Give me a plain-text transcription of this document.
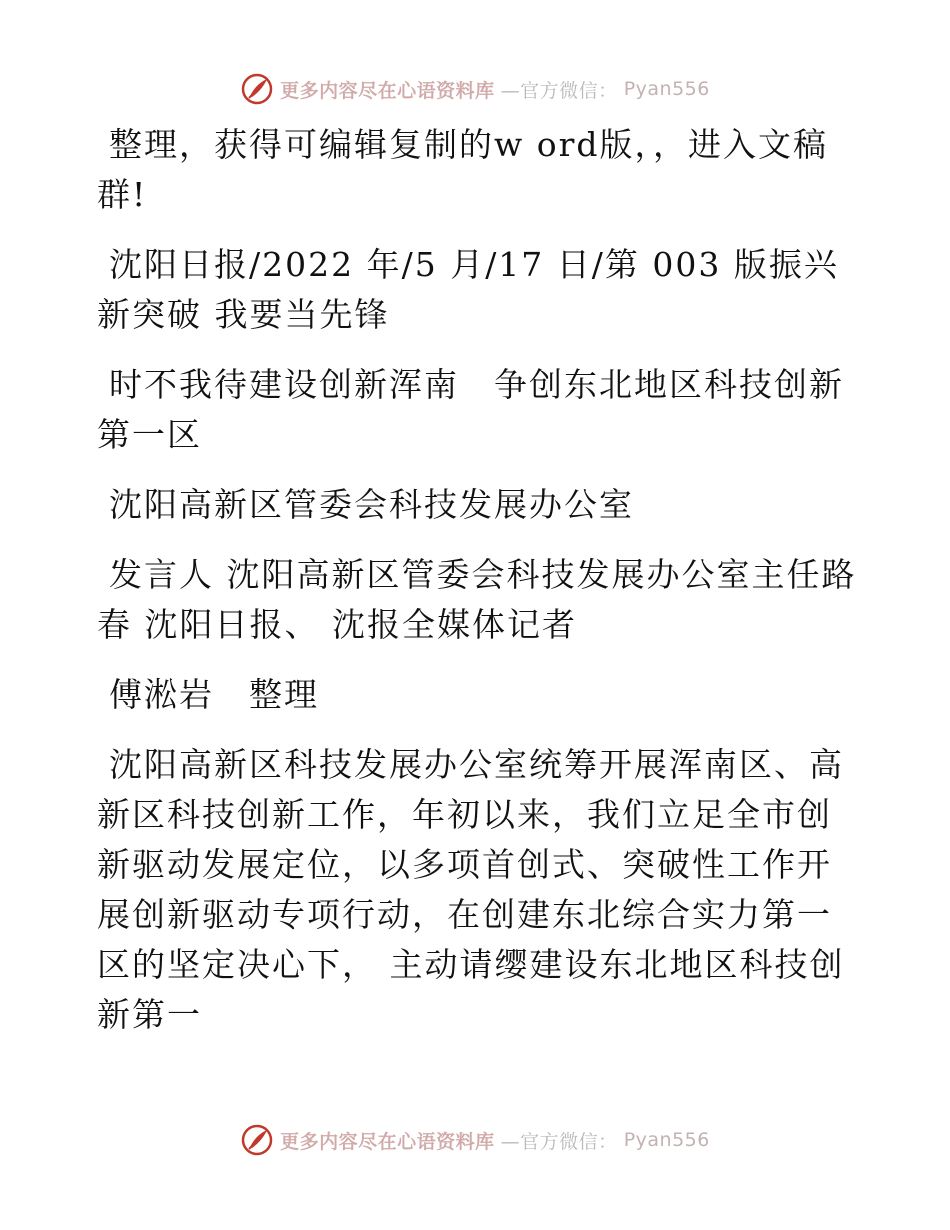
更多内容尽在心语资料库 —官方微信： Pyan556

整理，获得可编辑复制的w ord版，，进入文稿群!

沈阳日报/2022 年/5 月/17 日/第 003 版振兴新突破 我要当先锋

时不我待建设创新浑南　争创东北地区科技创新第一区

沈阳高新区管委会科技发展办公室

发言人 沈阳高新区管委会科技发展办公室主任路春 沈阳日报、 沈报全媒体记者

傅淞岩　整理

沈阳高新区科技发展办公室统筹开展浑南区、高新区科技创新工作，年初以来，我们立足全市创新驱动发展定位，以多项首创式、突破性工作开展创新驱动专项行动，在创建东北综合实力第一区的坚定决心下， 主动请缨建设东北地区科技创新第一

更多内容尽在心语资料库 —官方微信： Pyan556
